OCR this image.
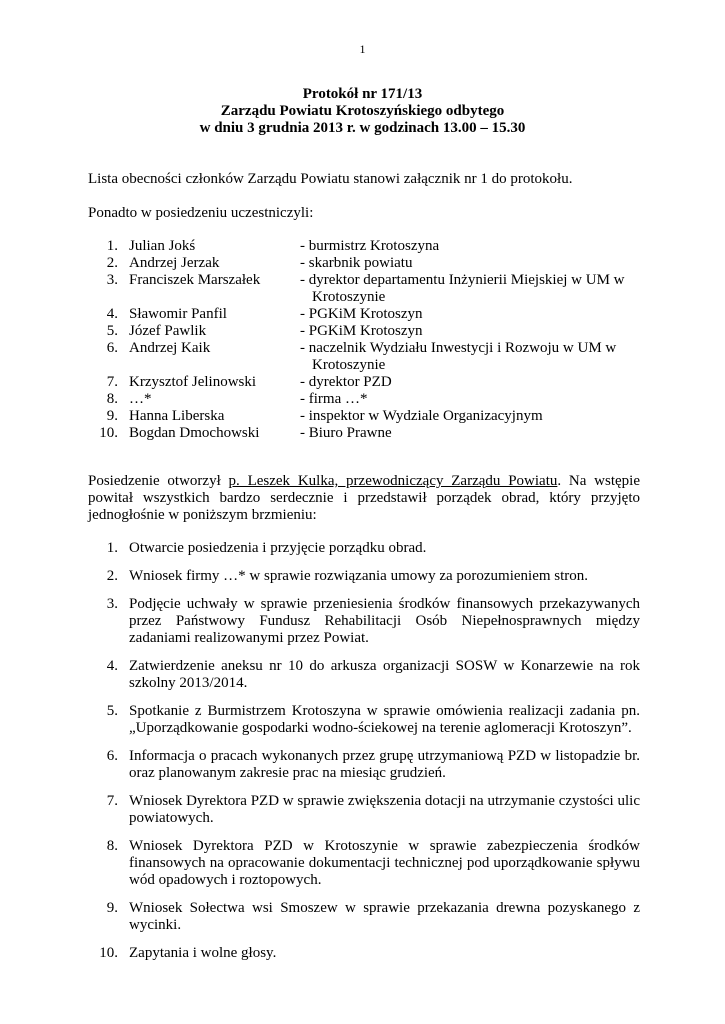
1
Protokół nr 171/13
Zarządu Powiatu Krotoszyńskiego odbytego
w dniu 3 grudnia 2013 r. w godzinach 13.00 – 15.30
Lista obecności członków Zarządu Powiatu stanowi załącznik nr 1 do protokołu.
Ponadto w posiedzeniu uczestniczyli:
1. Julian Jokś	- burmistrz Krotoszyna
2. Andrzej Jerzak	- skarbnik powiatu
3. Franciszek Marszałek	- dyrektor departamentu Inżynierii Miejskiej w UM w
Krotoszynie
4. Sławomir Panfil	- PGKiM Krotoszyn
5. Józef Pawlik	- PGKiM Krotoszyn
6. Andrzej Kaik	- naczelnik Wydziału Inwestycji i Rozwoju w UM w
Krotoszynie
7. Krzysztof Jelinowski	- dyrektor PZD
8. …*	- firma …*
9. Hanna Liberska	- inspektor w Wydziale Organizacyjnym
10. Bogdan Dmochowski	- Biuro Prawne
Posiedzenie otworzył p. Leszek Kulka, przewodniczący Zarządu Powiatu. Na wstępie powitał wszystkich bardzo serdecznie i przedstawił porządek obrad, który przyjęto jednogłośnie w poniższym brzmieniu:
1. Otwarcie posiedzenia i przyjęcie porządku obrad.
2. Wniosek firmy …* w sprawie rozwiązania umowy za porozumieniem stron.
3. Podjęcie uchwały w sprawie przeniesienia środków finansowych przekazywanych przez Państwowy Fundusz Rehabilitacji Osób Niepełnosprawnych między zadaniami realizowanymi przez Powiat.
4. Zatwierdzenie aneksu nr 10 do arkusza organizacji SOSW w Konarzewie na rok szkolny 2013/2014.
5. Spotkanie z Burmistrzem Krotoszyna w sprawie omówienia realizacji zadania pn. „Uporządkowanie gospodarki wodno-ściekowej na terenie aglomeracji Krotoszyn”.
6. Informacja o pracach wykonanych przez grupę utrzymaniową PZD w listopadzie br. oraz planowanym zakresie prac na miesiąc grudzień.
7. Wniosek Dyrektora PZD w sprawie zwiększenia dotacji na utrzymanie czystości ulic powiatowych.
8. Wniosek Dyrektora PZD w Krotoszynie w sprawie zabezpieczenia środków finansowych na opracowanie dokumentacji technicznej pod uporządkowanie spływu wód opadowych i roztopowych.
9. Wniosek Sołectwa wsi Smoszew w sprawie przekazania drewna pozyskanego z wycinki.
10. Zapytania i wolne głosy.
